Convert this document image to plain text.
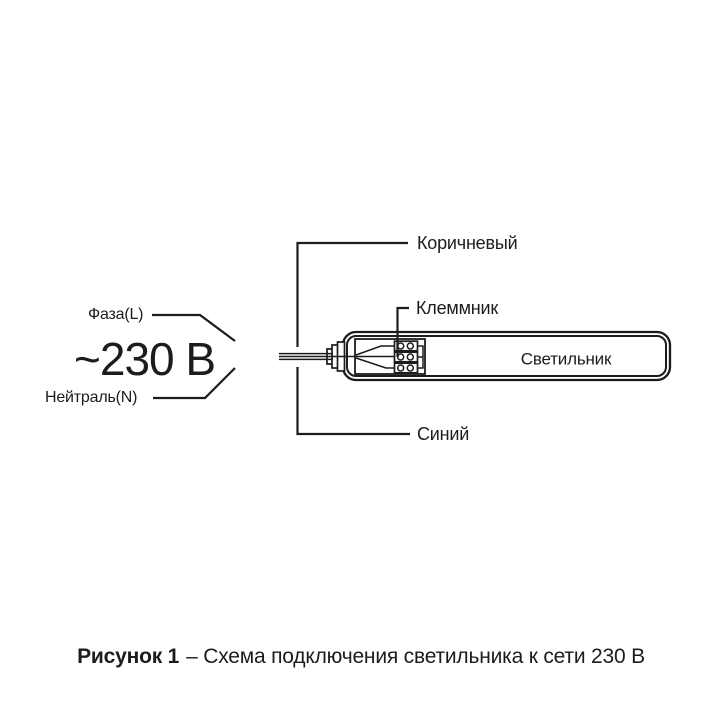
Фаза(L)
~230 В
Нейтраль(N)
Коричневый
Клеммник
Синий
Светильник
Рисунок 1 – Схема подключения светильника к сети 230 В
